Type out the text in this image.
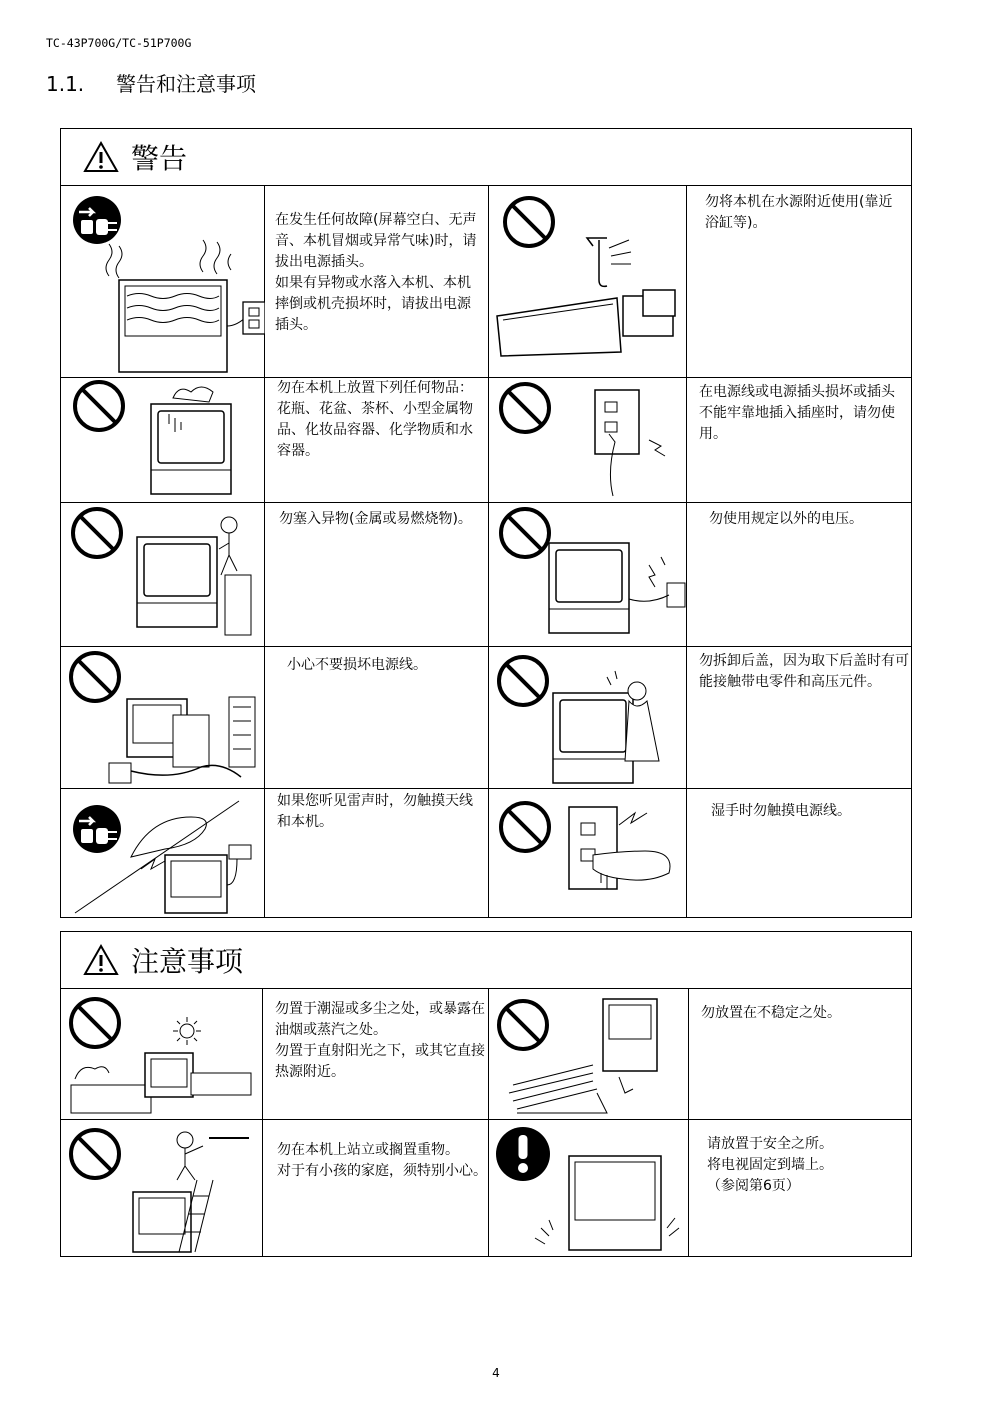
TC-43P700G/TC-51P700G
1.1. 警告和注意事项
警告
在发生任何故障(屏幕空白、无声音、本机冒烟或异常气味)时，请拔出电源插头。
如果有异物或水落入本机、本机摔倒或机壳损坏时，请拔出电源插头。
勿将本机在水源附近使用(靠近浴缸等)。
勿在本机上放置下列任何物品：
花瓶、花盆、茶杯、小型金属物品、化妆品容器、化学物质和水容器。
在电源线或电源插头损坏或插头不能牢靠地插入插座时，请勿使用。
勿塞入异物(金属或易燃烧物)。	勿使用规定以外的电压。
小心不要损坏电源线。	勿拆卸后盖，因为取下后盖时有可能接触带电零件和高压元件。
如果您听见雷声时，勿触摸天线和本机。
湿手时勿触摸电源线。
注意事项
勿置于潮湿或多尘之处，或暴露在油烟或蒸汽之处。
勿置于直射阳光之下，或其它直接热源附近。
勿放置在不稳定之处。
勿在本机上站立或搁置重物。
对于有小孩的家庭，须特别小心。
请放置于安全之所。
将电视固定到墙上。
（参阅第6页）
4
